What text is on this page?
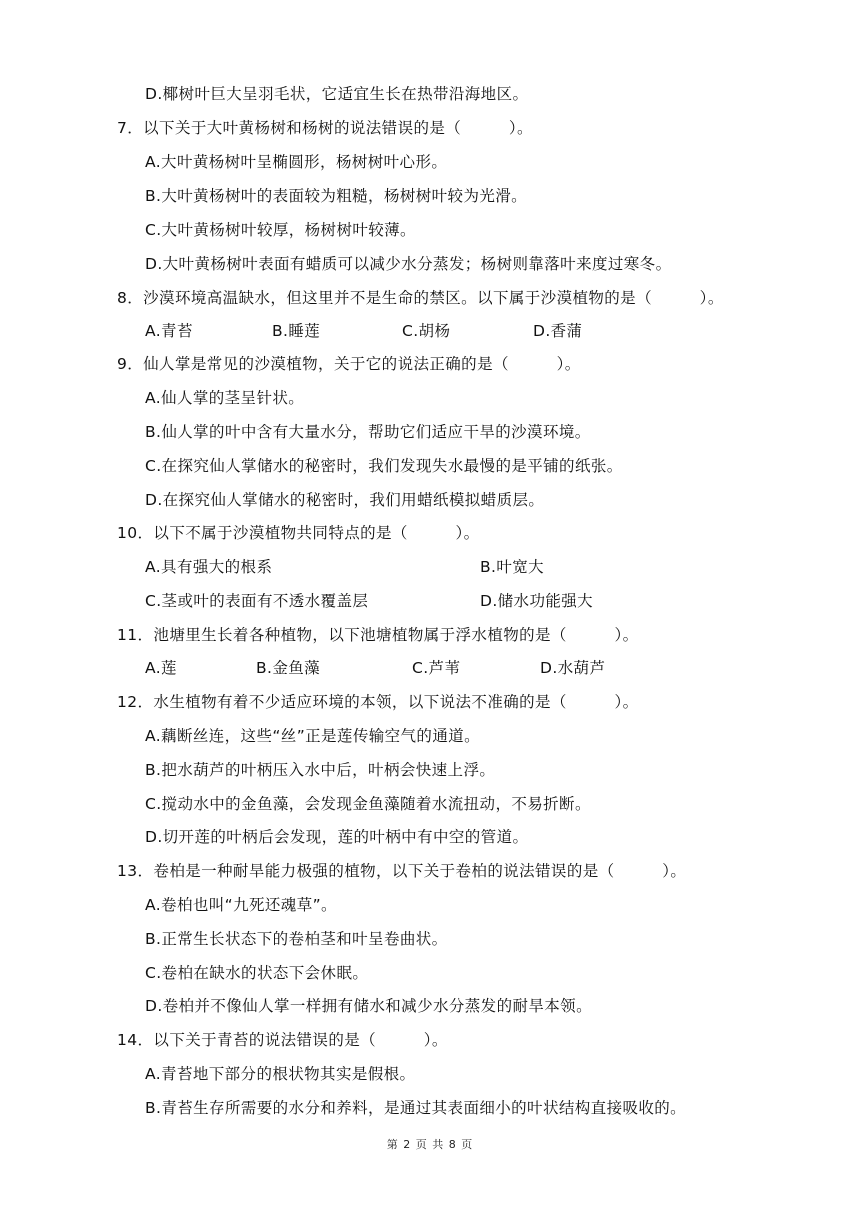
D.椰树叶巨大呈羽毛状，它适宜生长在热带沿海地区。
7．以下关于大叶黄杨树和杨树的说法错误的是（　　　）。
A.大叶黄杨树叶呈椭圆形，杨树树叶心形。
B.大叶黄杨树叶的表面较为粗糙，杨树树叶较为光滑。
C.大叶黄杨树叶较厚，杨树树叶较薄。
D.大叶黄杨树叶表面有蜡质可以减少水分蒸发；杨树则靠落叶来度过寒冬。
8．沙漠环境高温缺水，但这里并不是生命的禁区。以下属于沙漠植物的是（　　　）。
A.青苔	B.睡莲	C.胡杨	D.香蒲
9．仙人掌是常见的沙漠植物，关于它的说法正确的是（　　　）。
A.仙人掌的茎呈针状。
B.仙人掌的叶中含有大量水分，帮助它们适应干旱的沙漠环境。
C.在探究仙人掌储水的秘密时，我们发现失水最慢的是平铺的纸张。
D.在探究仙人掌储水的秘密时，我们用蜡纸模拟蜡质层。
10．以下不属于沙漠植物共同特点的是（　　　）。
A.具有强大的根系	B.叶宽大
C.茎或叶的表面有不透水覆盖层	D.储水功能强大
11．池塘里生长着各种植物，以下池塘植物属于浮水植物的是（　　　）。
A.莲	B.金鱼藻	C.芦苇	D.水葫芦
12．水生植物有着不少适应环境的本领，以下说法不准确的是（　　　）。
A.藕断丝连，这些“丝”正是莲传输空气的通道。
B.把水葫芦的叶柄压入水中后，叶柄会快速上浮。
C.搅动水中的金鱼藻，会发现金鱼藻随着水流扭动，不易折断。
D.切开莲的叶柄后会发现，莲的叶柄中有中空的管道。
13．卷柏是一种耐旱能力极强的植物，以下关于卷柏的说法错误的是（　　　）。
A.卷柏也叫“九死还魂草”。
B.正常生长状态下的卷柏茎和叶呈卷曲状。
C.卷柏在缺水的状态下会休眠。
D.卷柏并不像仙人掌一样拥有储水和减少水分蒸发的耐旱本领。
14．以下关于青苔的说法错误的是（　　　）。
A.青苔地下部分的根状物其实是假根。
B.青苔生存所需要的水分和养料，是通过其表面细小的叶状结构直接吸收的。
第 2 页 共 8 页
